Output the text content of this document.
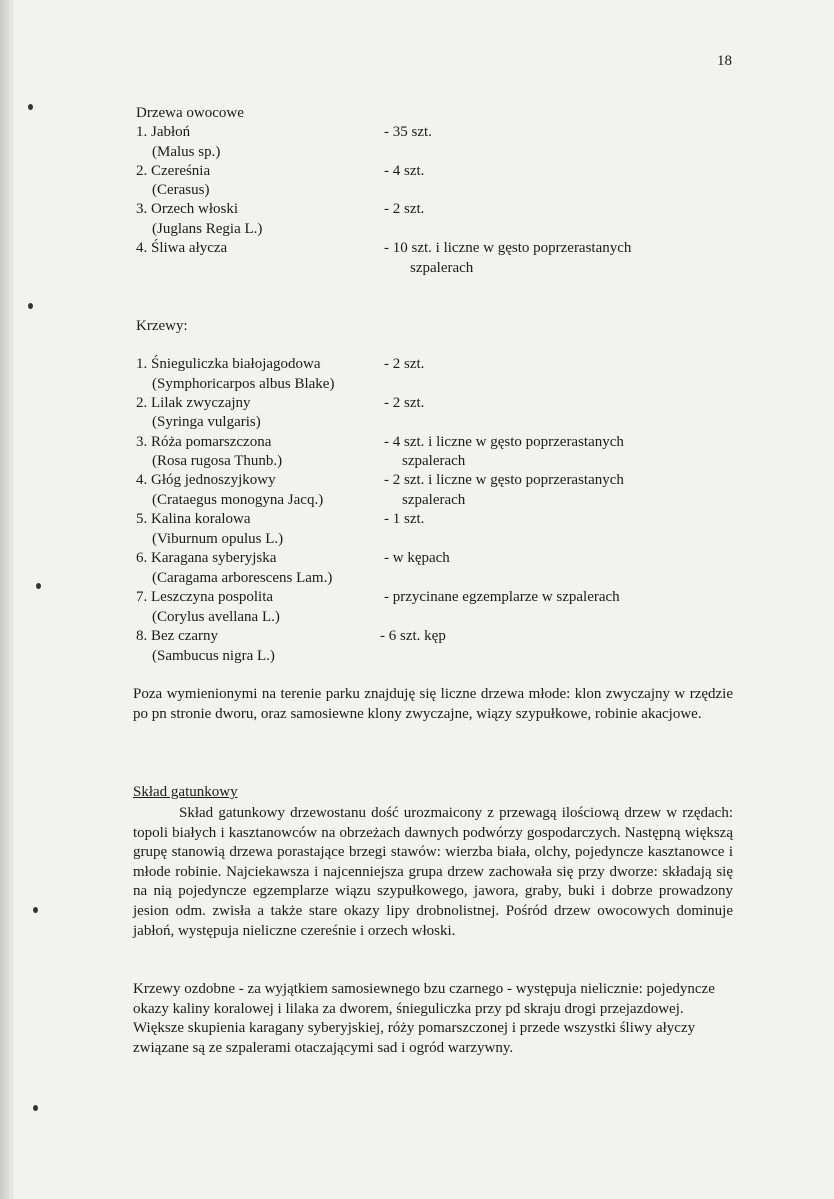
18
Drzewa owocowe
1. Jabłoń	- 35 szt.
(Malus sp.)
2. Czereśnia	- 4 szt.
(Cerasus)
3. Orzech włoski	- 2 szt.
(Juglans Regia L.)
4. Śliwa ałycza	- 10 szt. i liczne w gęsto poprzerastanych
szpalerach
Krzewy:
1. Śnieguliczka białojagodowa	- 2 szt.
(Symphoricarpos albus Blake)
2. Lilak zwyczajny	- 2 szt.
(Syringa vulgaris)
3. Róża pomarszczona	- 4 szt. i liczne w gęsto poprzerastanych
(Rosa rugosa Thunb.)	szpalerach
4. Głóg jednoszyjkowy	- 2 szt. i liczne w gęsto poprzerastanych
(Crataegus monogyna Jacq.)	szpalerach
5. Kalina koralowa	- 1 szt.
(Viburnum opulus L.)
6. Karagana syberyjska	- w kępach
(Caragama arborescens Lam.)
7. Leszczyna pospolita	- przycinane egzemplarze w szpalerach
(Corylus avellana L.)
8. Bez czarny	- 6 szt. kęp
(Sambucus nigra L.)
Poza wymienionymi na terenie parku znajduję się liczne drzewa młode: klon zwyczajny w rzędzie po pn stronie dworu, oraz samosiewne klony zwyczajne, wiązy szypułkowe, robinie akacjowe.
Skład gatunkowy
Skład gatunkowy drzewostanu dość urozmaicony z przewagą ilościową drzew w rzędach: topoli białych i kasztanowców na obrzeżach dawnych podwórzy gospodarczych. Następną większą grupę stanowią drzewa porastające brzegi stawów: wierzba biała, olchy, pojedyncze kasztanowce i młode robinie. Najciekawsza i najcenniejsza grupa drzew zachowała się przy dworze: składają się na nią pojedyncze egzemplarze wiązu szypułkowego, jawora, graby, buki i dobrze prowadzony jesion odm. zwisła a także stare okazy lipy drobnolistnej. Pośród drzew owocowych dominuje jabłoń, występuja nieliczne czereśnie i orzech włoski.
Krzewy ozdobne - za wyjątkiem samosiewnego bzu czarnego - występuja nielicznie: pojedyncze okazy kaliny koralowej i lilaka za dworem, śnieguliczka przy pd skraju drogi przejazdowej. Większe skupienia karagany syberyjskiej, róży pomarszczonej i przede wszystki śliwy ałyczy związane są ze szpalerami otaczającymi sad i ogród warzywny.
